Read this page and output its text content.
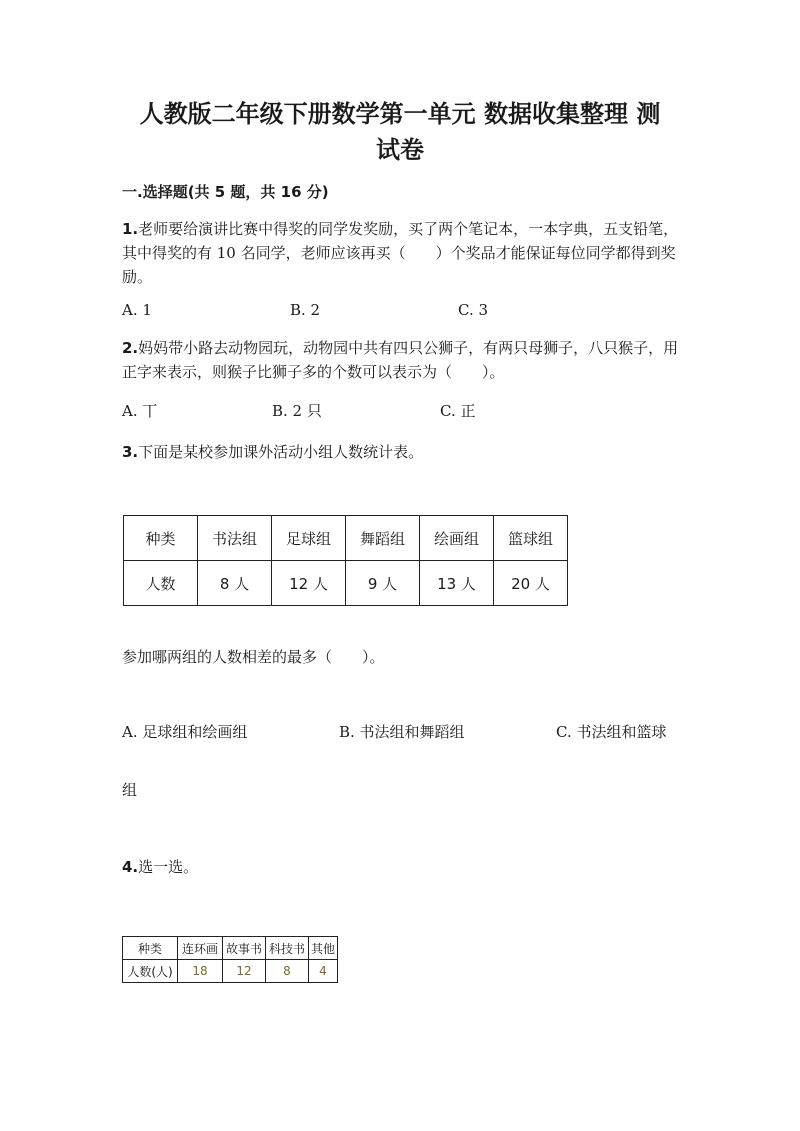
人教版二年级下册数学第一单元 数据收集整理 测
试卷
一.选择题(共 5 题，共 16 分)

1.老师要给演讲比赛中得奖的同学发奖励，买了两个笔记本，一本字典，五支铅笔，其中得奖的有 10 名同学，老师应该再买（　　）个奖品才能保证每位同学都得到奖励。

A. 1	B. 2	C. 3

2.妈妈带小路去动物园玩，动物园中共有四只公狮子，有两只母狮子，八只猴子，用正字来表示，则猴子比狮子多的个数可以表示为（　　）。

A. 丅	B. 2 只	C. 正

3.下面是某校参加课外活动小组人数统计表。

种类	书法组	足球组	舞蹈组	绘画组	篮球组
人数	8 人	12 人	9 人	13 人	20 人
参加哪两组的人数相差的最多（　　）。
A. 足球组和绘画组	B. 书法组和舞蹈组	C. 书法组和篮球
组

4.选一选。

种类	连环画	故事书	科技书	其他
人数(人)	18	12	8	4
